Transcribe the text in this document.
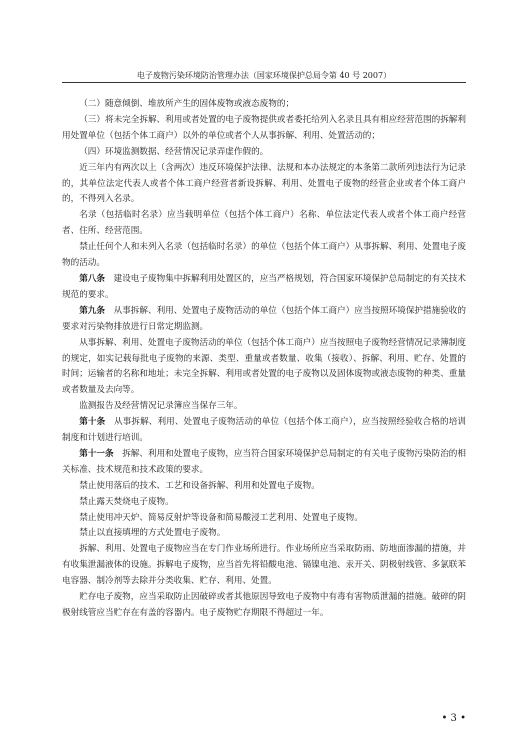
电子废物污染环境防治管理办法（国家环境保护总局令第 40 号 2007）

（二）随意倾倒、堆放所产生的固体废物或液态废物的；

（三）将未完全拆解、利用或者处置的电子废物提供或者委托给列入名录且具有相应经营范围的拆解利用处置单位（包括个体工商户）以外的单位或者个人从事拆解、利用、处置活动的；

（四）环境监测数据、经营情况记录弄虚作假的。

近三年内有两次以上（含两次）违反环境保护法律、法规和本办法规定的本条第二款所列违法行为记录的，其单位法定代表人或者个体工商户经营者新设拆解、利用、处置电子废物的经营企业或者个体工商户的，不得列入名录。

名录（包括临时名录）应当载明单位（包括个体工商户）名称、单位法定代表人或者个体工商户经营者、住所、经营范围。

禁止任何个人和未列入名录（包括临时名录）的单位（包括个体工商户）从事拆解、利用、处置电子废物的活动。

第八条　 建设电子废物集中拆解利用处置区的，应当严格规划，符合国家环境保护总局制定的有关技术规范的要求。

第九条　 从事拆解、利用、处置电子废物活动的单位（包括个体工商户）应当按照环境保护措施验收的要求对污染物排放进行日常定期监测。

从事拆解、利用、处置电子废物活动的单位（包括个体工商户）应当按照电子废物经营情况记录簿制度的规定，如实记载每批电子废物的来源、类型、重量或者数量、收集（接收）、拆解、利用、贮存、处置的时间；运输者的名称和地址；未完全拆解、利用或者处置的电子废物以及固体废物或液态废物的种类、重量或者数量及去向等。

监测报告及经营情况记录簿应当保存三年。

第十条　 从事拆解、利用、处置电子废物活动的单位（包括个体工商户），应当按照经验收合格的培训制度和计划进行培训。

第十一条　 拆解、利用和处置电子废物，应当符合国家环境保护总局制定的有关电子废物污染防治的相关标准、技术规范和技术政策的要求。

禁止使用落后的技术、工艺和设备拆解、利用和处置电子废物。

禁止露天焚烧电子废物。

禁止使用冲天炉、简易反射炉等设备和简易酸浸工艺利用、处置电子废物。

禁止以直接填埋的方式处置电子废物。

拆解、利用、处置电子废物应当在专门作业场所进行。作业场所应当采取防雨、防地面渗漏的措施，并有收集泄漏液体的设施。拆解电子废物，应当首先将铅酸电池、镉镍电池、汞开关、阴极射线管、多氯联苯电容器、制冷剂等去除并分类收集、贮存、利用、处置。

贮存电子废物，应当采取防止因破碎或者其他原因导致电子废物中有毒有害物质泄漏的措施。破碎的阴极射线管应当贮存在有盖的容器内。电子废物贮存期限不得超过一年。

• 3 •
